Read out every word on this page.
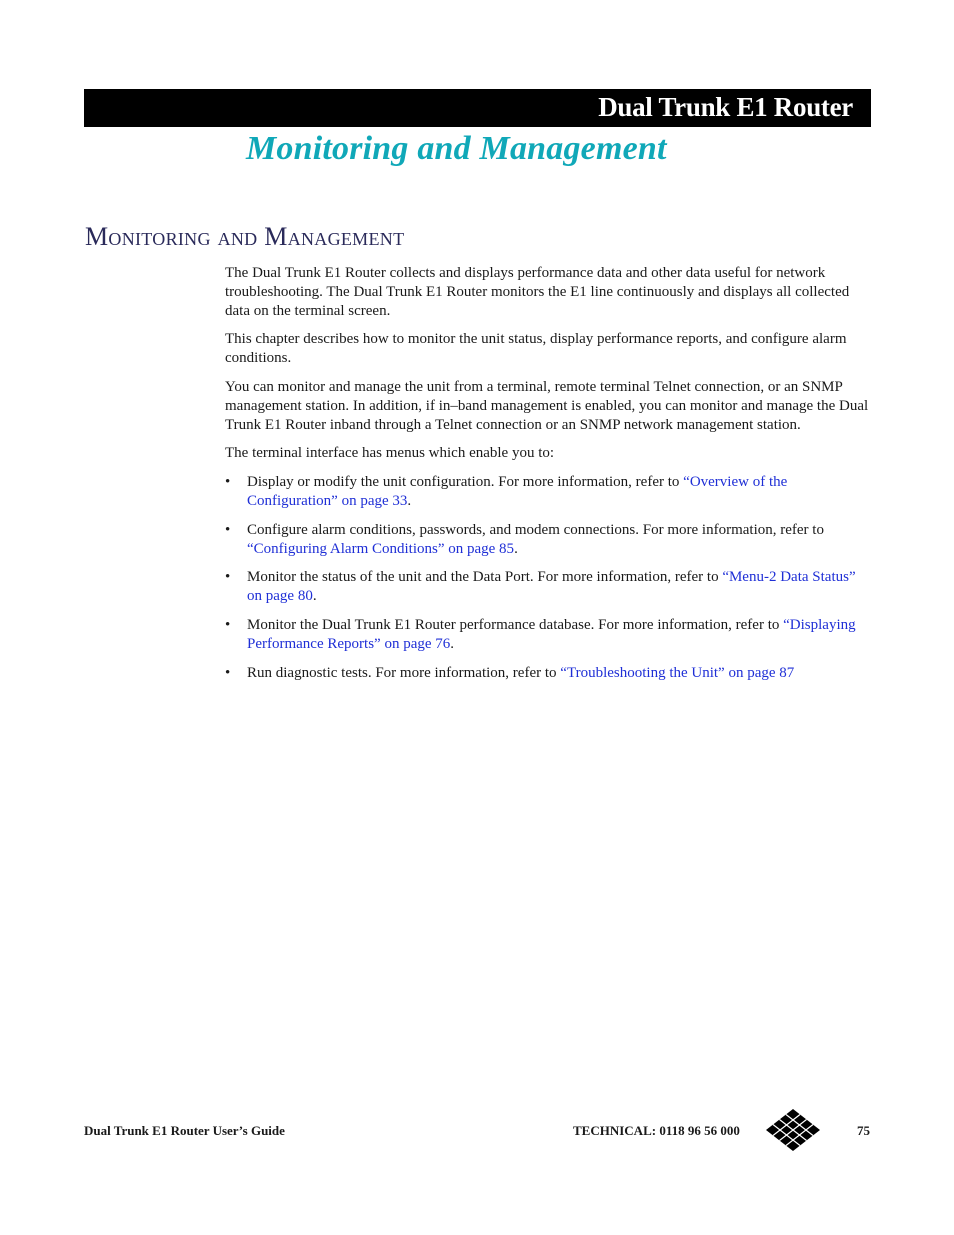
Dual Trunk E1 Router
Monitoring and Management
Monitoring and Management

The Dual Trunk E1 Router collects and displays performance data and other data useful for network troubleshooting. The Dual Trunk E1 Router monitors the E1 line continuously and displays all collected data on the terminal screen.

This chapter describes how to monitor the unit status, display performance reports, and configure alarm conditions.

You can monitor and manage the unit from a terminal, remote terminal Telnet connection, or an SNMP management station. In addition, if in–band management is enabled, you can monitor and manage the Dual Trunk E1 Router inband through a Telnet connection or an SNMP network management station.

The terminal interface has menus which enable you to:

• Display or modify the unit configuration. For more information, refer to “Overview of the Configuration” on page 33.
• Configure alarm conditions, passwords, and modem connections. For more information, refer to “Configuring Alarm Conditions” on page 85.
• Monitor the status of the unit and the Data Port. For more information, refer to “Menu-2 Data Status” on page 80.
• Monitor the Dual Trunk E1 Router performance database. For more information, refer to “Displaying Performance Reports” on page 76.
• Run diagnostic tests. For more information, refer to “Troubleshooting the Unit” on page 87
Dual Trunk E1 Router User’s Guide	TECHNICAL: 0118 96 56 000	75
